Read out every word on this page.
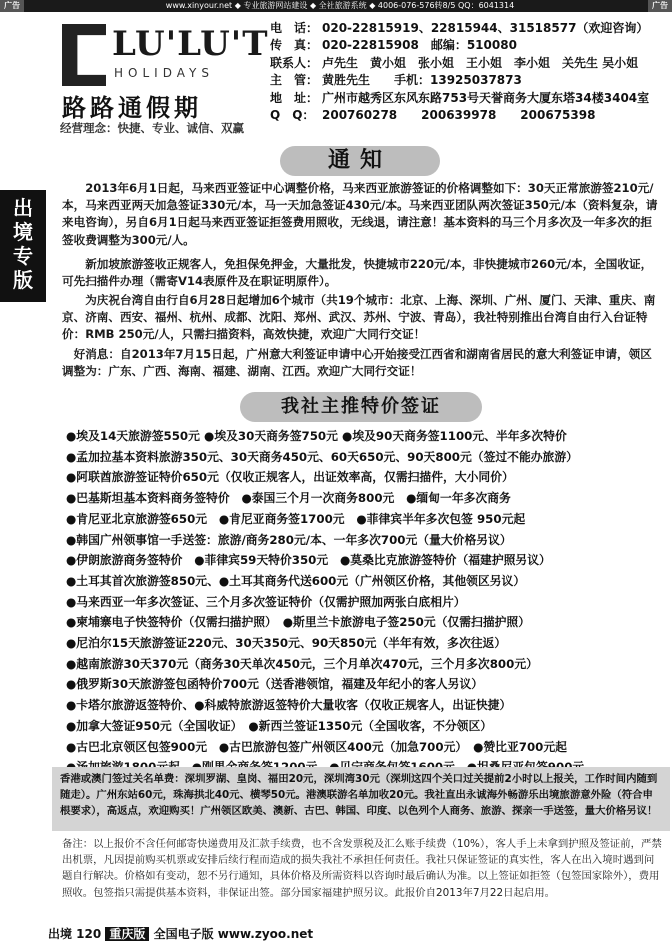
广告	www.xinyour.net ◆ 专业旅游网站建设 ◆ 全社旅游系统 ◆ 4006-076-576转8/5 QQ：6041314	广告
出
境
专
版
LU'LU'T
HOLIDAYS
路路通假期
经营理念：快捷、专业、诚信、双赢
电　话： 020-22815919、22815944、31518577（欢迎咨询）
传　真： 020-22815908　邮编：510080
联系人： 卢先生　黄小姐　张小姐　王小姐　李小姐　关先生 吴小姐
主　管： 黄胜先生　　手机：13925037873
地　址： 广州市越秀区东风东路753号天誉商务大厦东塔34楼3404室
Q　Q： 200760278　　200639978　　200675398
通知
2013年6月1日起，马来西亚签证中心调整价格，马来西亚旅游签证的价格调整如下：30天正常旅游签210元/本，马来西亚两天加急签证330元/本，马一天加急签证430元/本。马来西亚团队两次签证350元/本（资料复杂，请来电咨询），另自6月1日起马来西亚签证拒签费用照收，无线退，请注意！基本资料的马三个月多次及一年多次的拒签收费调整为300元/人。
新加坡旅游签收正规客人，免担保免押金，大量批发，快捷城市220元/本，非快捷城市260元/本，全国收证，可先扫描件办理（需寄V14表原件及在职证明原件）。
为庆祝台湾自由行自6月28日起增加6个城市（共19个城市：北京、上海、深圳、广州、厦门、天津、重庆、南京、济南、西安、福州、杭州、成都、沈阳、郑州、武汉、苏州、宁波、青岛），我社特别推出台湾自由行入台证特价：RMB 250元/人，只需扫描资料，高效快捷，欢迎广大同行交证！
好消息：自2013年7月15日起，广州意大利签证申请中心开始接受江西省和湖南省居民的意大利签证申请，领区调整为：广东、广西、海南、福建、湖南、江西。欢迎广大同行交证！
我社主推特价签证
●埃及14天旅游签550元 ●埃及30天商务签750元 ●埃及90天商务签1100元、半年多次特价
●孟加拉基本资料旅游350元、30天商务450元、60天650元、90天800元（签过不能办旅游）
●阿联酋旅游签证特价650元（仅收正规客人，出证效率高，仅需扫描件，大小同价）
●巴基斯坦基本资料商务签特价　●泰国三个月一次商务800元　●缅甸一年多次商务
●肯尼亚北京旅游签650元　●肯尼亚商务签1700元　●菲律宾半年多次包签 950元起
●韩国广州领事馆一手送签：旅游/商务280元/本、一年多次700元（量大价格另议）
●伊朗旅游商务签特价　●菲律宾59天特价350元　●莫桑比克旅游签特价（福建护照另议）
●土耳其首次旅游签850元、●土耳其商务代送600元（广州领区价格，其他领区另议）
●马来西亚一年多次签证、三个月多次签证特价（仅需护照加两张白底相片）
●柬埔寨电子快签特价（仅需扫描护照）　●斯里兰卡旅游电子签250元（仅需扫描护照）
●尼泊尔15天旅游签证220元、30天350元、90天850元（半年有效，多次往返）
●越南旅游30天370元（商务30天单次450元，三个月单次470元，三个月多次800元）
●俄罗斯30天旅游签包函特价700元（送香港领馆，福建及年纪小的客人另议）
●卡塔尔旅游返签特价、●科威特旅游返签特价大量收客（仅收正规客人，出证快捷）
●加拿大签证950元（全国收证）　●新西兰签证1350元（全国收客，不分领区）
●古巴北京领区包签900元　●古巴旅游包签广州领区400元（加急700元）　●赞比亚700元起
香港或澳门签过关名单费：深圳罗湖、皇岗、福田20元，深圳湾30元（深圳这四个关口过关提前2小时以上报关，工作时间内随到随走）。广州东站60元，珠海拱北40元、横琴50元。港澳联游名单加收20元。我社直出永诚海外畅游乐出境旅游意外险（符合申根要求），高返点，欢迎购买！广州领区欧美、澳新、古巴、韩国、印度、以色列个人商务、旅游、探亲一手送签，量大价格另议！
备注：以上报价不含任何邮寄快递费用及汇款手续费，也不含发票税及汇么账手续费（10%），客人手上未拿到护照及签证前，严禁出机票，凡因提前购买机票或安排后续行程而造成的损失我社不承担任何责任。我社只保证签证的真实性，客人在出入境时遇到问题自行解决。价格如有变动，恕不另行通知，具体价格及所需资料以咨询时最后确认为准。以上签证如拒签（包签国家除外），费用照收。包签指只需提供基本资料，非保证出签。部分国家福建护照另议。此报价自2013年7月22日起启用。
出境 120 重庆版 全国电子版 www.zyoo.net
